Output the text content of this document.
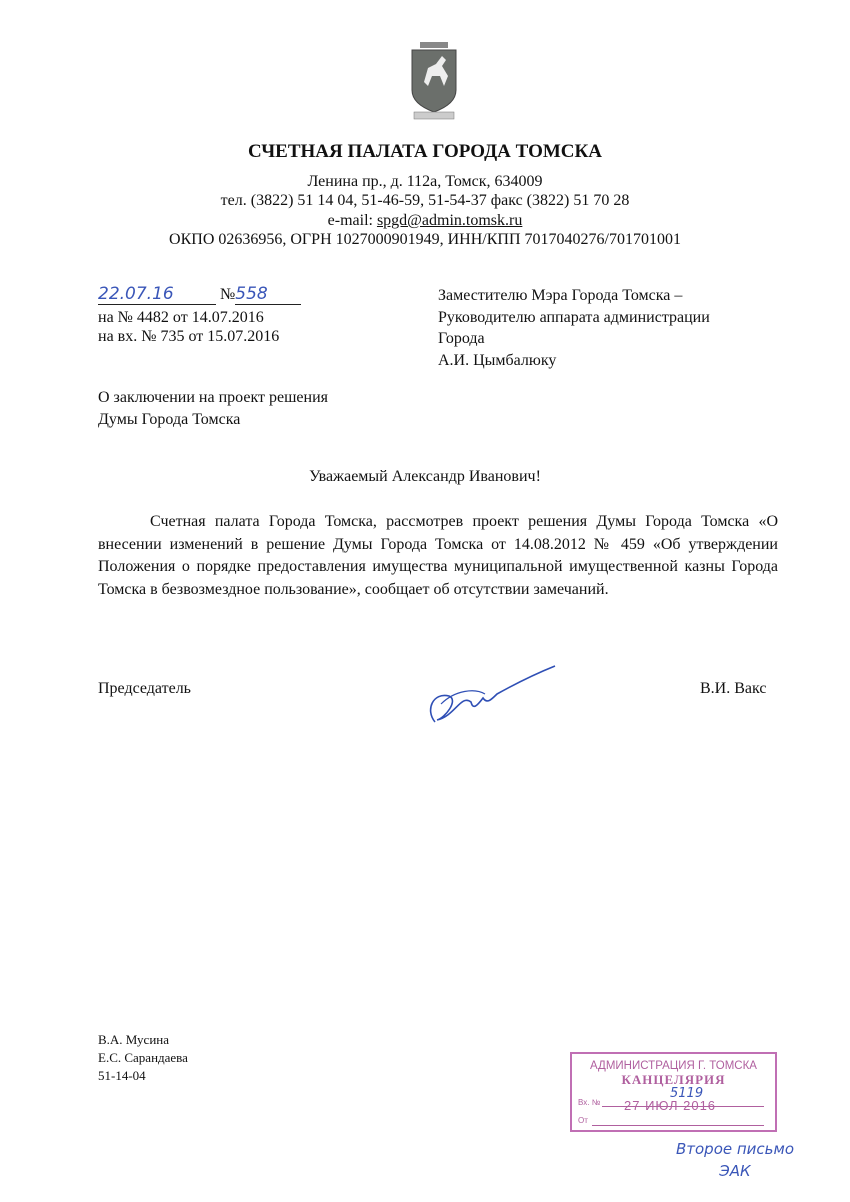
СЧЕТНАЯ ПАЛАТА ГОРОДА ТОМСКА
Ленина пр., д. 112а, Томск, 634009
тел. (3822) 51 14 04, 51-46-59, 51-54-37 факс (3822) 51 70 28
e-mail: spgd@admin.tomsk.ru
ОКПО 02636956, ОГРН 1027000901949, ИНН/КПП 7017040276/701701001
22.07.16	№558
на № 4482 от 14.07.2016
на вх. № 735 от 15.07.2016
Заместителю Мэра Города Томска –
Руководителю аппарата администрации
Города
А.И. Цымбалюку
О заключении на проект решения
Думы Города Томска
Уважаемый Александр Иванович!
Счетная палата Города Томска, рассмотрев проект решения Думы Города Томска «О внесении изменений в решение Думы Города Томска от 14.08.2012 № 459 «Об утверждении Положения о порядке предоставления имущества муниципальной имущественной казны Города Томска в безвозмездное пользование», сообщает об отсутствии замечаний.
Председатель	В.И. Вакс
В.А. Мусина
Е.С. Сарандаева
51-14-04
АДМИНИСТРАЦИЯ Г. ТОМСКА
КАНЦЕЛЯРИЯ
Вх. №
5119
27 ИЮЛ 2016
От
Второе письмо
ЭАК
